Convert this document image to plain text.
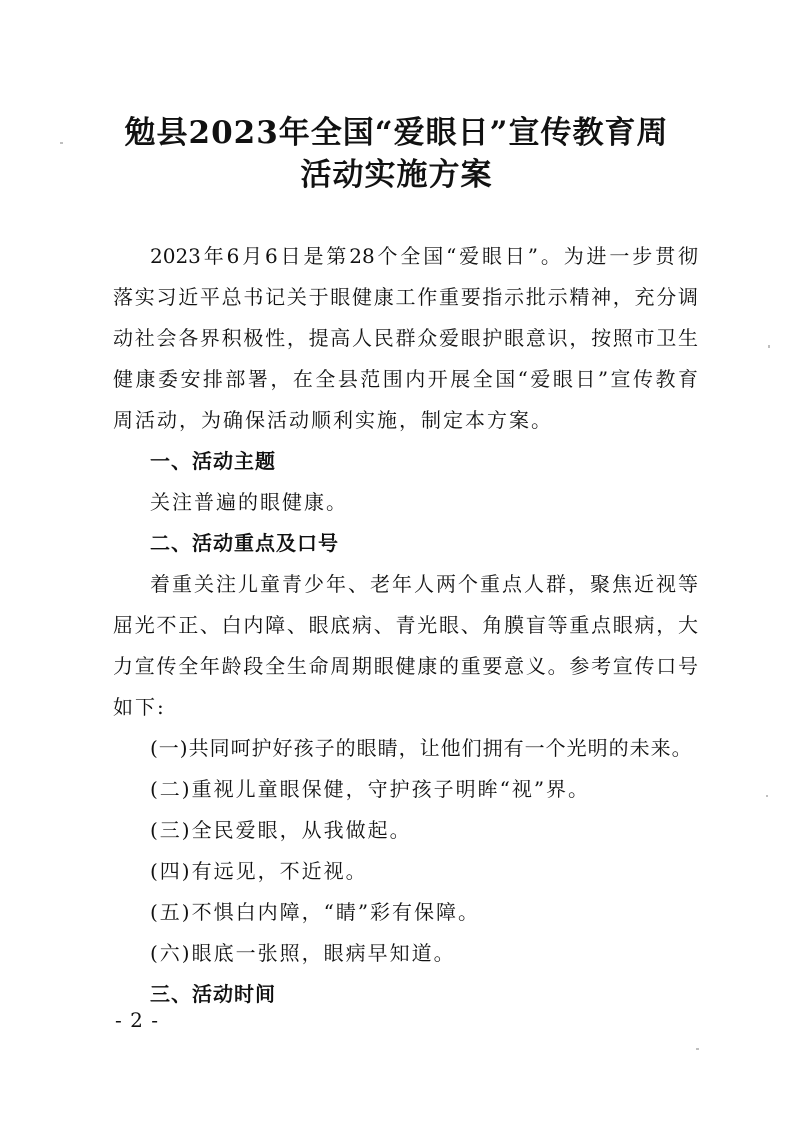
勉县2023年全国“爱眼日”宣传教育周
活动实施方案
2023年6月6日是第28个全国“爱眼日”。为进一步贯彻
落实习近平总书记关于眼健康工作重要指示批示精神，充分调
动社会各界积极性，提高人民群众爱眼护眼意识，按照市卫生
健康委安排部署，在全县范围内开展全国“爱眼日”宣传教育
周活动，为确保活动顺利实施，制定本方案。
一、活动主题
关注普遍的眼健康。
二、活动重点及口号
着重关注儿童青少年、老年人两个重点人群，聚焦近视等
屈光不正、白内障、眼底病、青光眼、角膜盲等重点眼病，大
力宣传全年龄段全生命周期眼健康的重要意义。参考宣传口号
如下:
(一)共同呵护好孩子的眼睛，让他们拥有一个光明的未来。
(二)重视儿童眼保健，守护孩子明眸“视”界。
(三)全民爱眼，从我做起。
(四)有远见，不近视。
(五)不惧白内障，“睛”彩有保障。
(六)眼底一张照，眼病早知道。
三、活动时间
- 2 -
